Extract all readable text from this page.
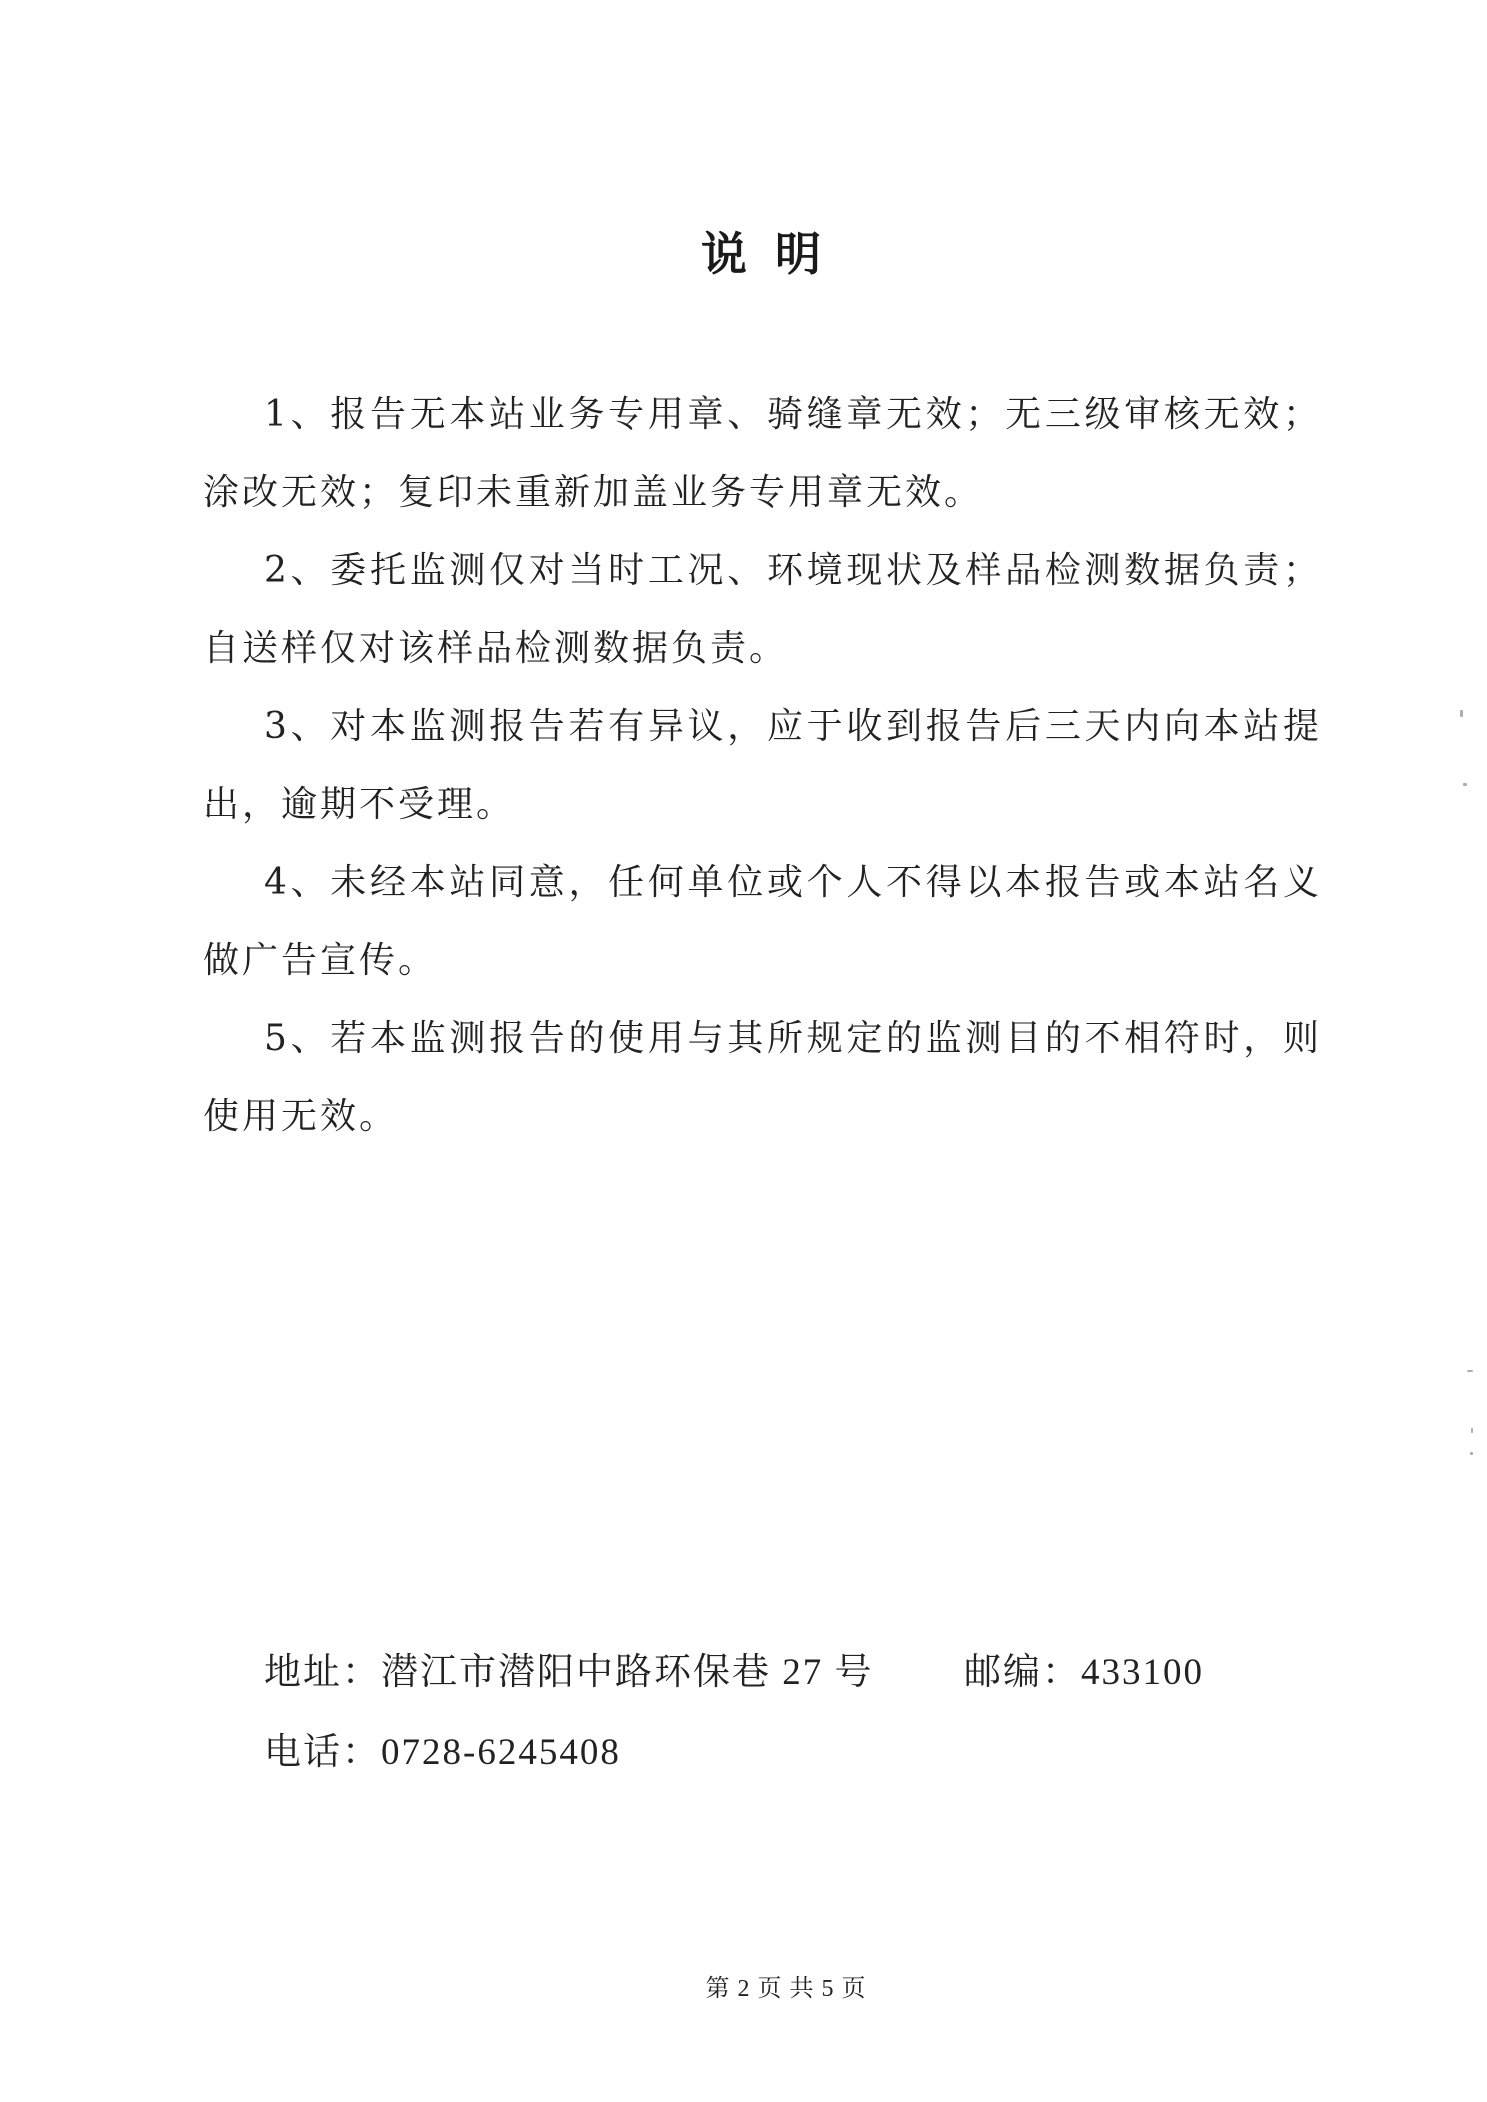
说 明
1、报告无本站业务专用章、骑缝章无效；无三级审核无效；
涂改无效；复印未重新加盖业务专用章无效。
2、委托监测仅对当时工况、环境现状及样品检测数据负责；
自送样仅对该样品检测数据负责。
3、对本监测报告若有异议，应于收到报告后三天内向本站提
出，逾期不受理。
4、未经本站同意，任何单位或个人不得以本报告或本站名义
做广告宣传。
5、若本监测报告的使用与其所规定的监测目的不相符时，则
使用无效。
地址：潜江市潜阳中路环保巷 27 号 邮编：433100
电话：0728-6245408
第 2 页 共 5 页
